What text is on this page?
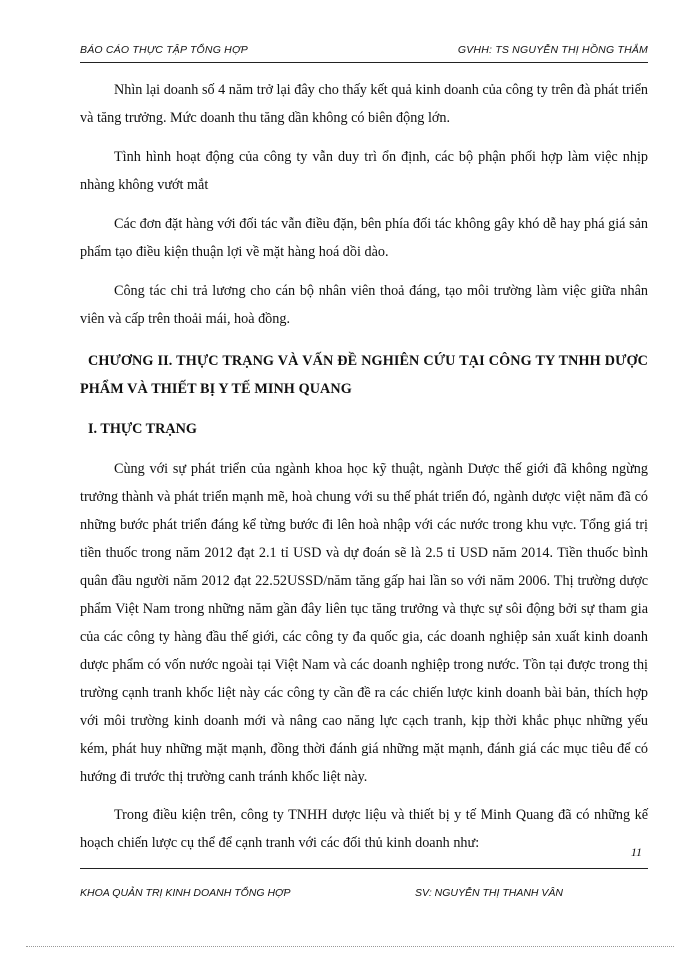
BÁO CÁO THỰC TẬP TỔNG HỢP	GVHH: TS NGUYỄN THỊ HỒNG THẮM

Nhìn lại doanh số 4 năm trở lại đây cho thấy kết quả kinh doanh của công ty trên đà phát triển và tăng trưởng. Mức doanh thu tăng dần không có biên động lớn.

Tình hình hoạt động của công ty vẫn duy trì ổn định, các bộ phận phối hợp làm việc nhịp nhàng không vướt mắt

Các đơn đặt hàng với đối tác vẫn điều đặn, bên phía đối tác không gây khó dễ hay phá giá sản phẩm tạo điều kiện thuận lợi về mặt hàng hoá dồi dào.

Công tác chi trả lương cho cán bộ nhân viên thoả đáng, tạo môi trường làm việc giữa nhân viên và cấp trên thoải mái, hoà đồng.

CHƯƠNG II. THỰC TRẠNG VÀ VẤN ĐỀ NGHIÊN CỨU TẠI CÔNG TY TNHH DƯỢC PHẨM VÀ THIẾT BỊ Y TẾ MINH QUANG
I. THỰC TRẠNG

Cùng với sự phát triển của ngành khoa học kỹ thuật, ngành Dược thế giới đã không ngừng trưởng thành và phát triển mạnh mẽ, hoà chung với su thế phát triển đó, ngành dược việt năm đã có những bước phát triển đáng kể từng bước đi lên hoà nhập với các nước trong khu vực. Tổng giá trị tiền thuốc trong năm 2012 đạt 2.1 tỉ USD và dự đoán sẽ là 2.5 tỉ USD năm 2014. Tiền thuốc bình quân đầu người năm 2012 đạt 22.52USSD/năm tăng gấp hai lần so với năm 2006. Thị trường dược phẩm Việt Nam trong những năm gần đây liên tục tăng trưởng và thực sự sôi động bởi sự tham gia của các công ty hàng đầu thế giới, các công ty đa quốc gia, các doanh nghiệp sản xuất kinh doanh dược phẩm có vốn nước ngoài tại Việt Nam và các doanh nghiệp trong nước. Tồn tại được trong thị trường cạnh tranh khốc liệt này các công ty cần đề ra các chiến lược kinh doanh bài bản, thích hợp với môi trường kinh doanh mới và nâng cao năng lực cạch tranh, kịp thời khắc phục những yếu kém, phát huy những mặt mạnh, đồng thời đánh giá những mặt mạnh, đánh giá các mục tiêu để có hướng đi trước thị trường canh tránh khốc liệt này.

Trong điều kiện trên, công ty TNHH dược liệu và thiết bị y tế Minh Quang đã có những kế hoạch chiến lược cụ thể để cạnh tranh với các đối thủ kinh doanh như:

11
KHOA QUẢN TRỊ KINH DOANH TỔNG HỢP	SV: NGUYỄN THỊ THANH VÂN
